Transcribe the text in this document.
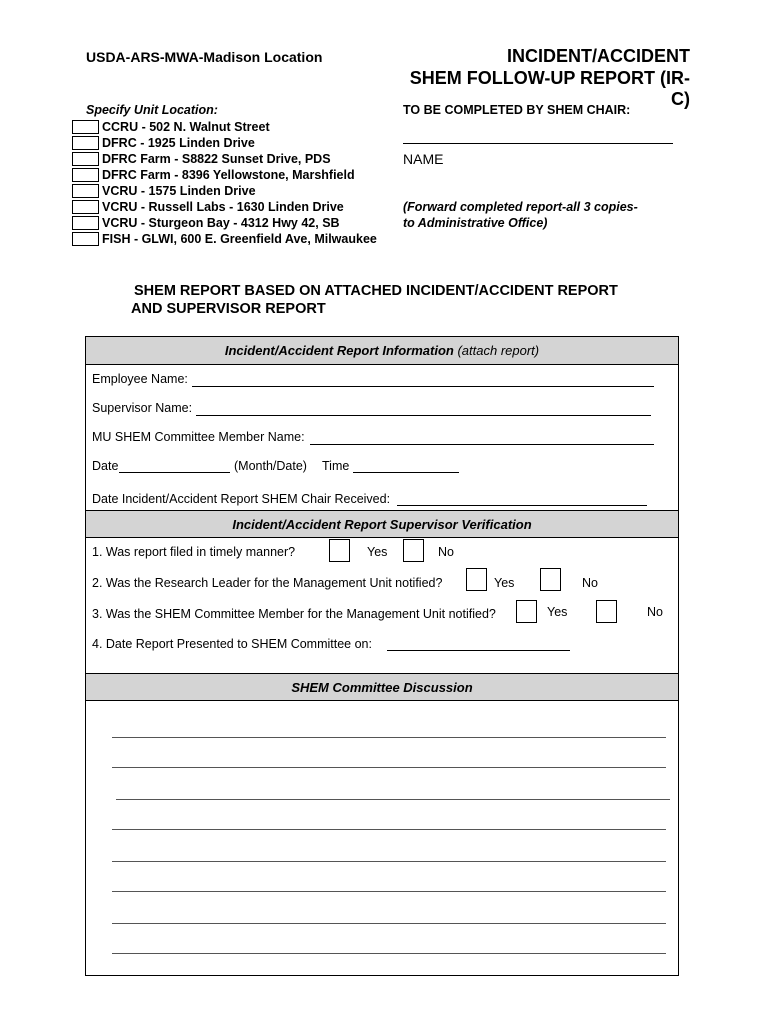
USDA-ARS-MWA-Madison Location	INCIDENT/ACCIDENT
SHEM FOLLOW-UP REPORT (IR-C)
Specify Unit Location:
CCRU - 502 N. Walnut Street
DFRC - 1925 Linden Drive
DFRC Farm - S8822 Sunset Drive, PDS
DFRC Farm - 8396 Yellowstone, Marshfield
VCRU - 1575 Linden Drive
VCRU - Russell Labs - 1630 Linden Drive
VCRU - Sturgeon Bay - 4312 Hwy 42, SB
FISH - GLWI, 600 E. Greenfield Ave, Milwaukee
TO BE COMPLETED BY SHEM CHAIR:
NAME
(Forward completed report-all 3 copies-
to Administrative Office)
SHEM REPORT BASED ON ATTACHED INCIDENT/ACCIDENT REPORT
AND SUPERVISOR REPORT
Incident/Accident Report Information (attach report)
Employee Name:
Supervisor Name:
MU SHEM Committee Member Name:
Date	(Month/Date) Time
Date Incident/Accident Report SHEM Chair Received:
Incident/Accident Report Supervisor Verification
1. Was report filed in timely manner?	Yes	No
2. Was the Research Leader for the Management Unit notified?	Yes	No
3. Was the SHEM Committee Member for the Management Unit notified?	Yes	No
4. Date Report Presented to SHEM Committee on:
SHEM Committee Discussion
